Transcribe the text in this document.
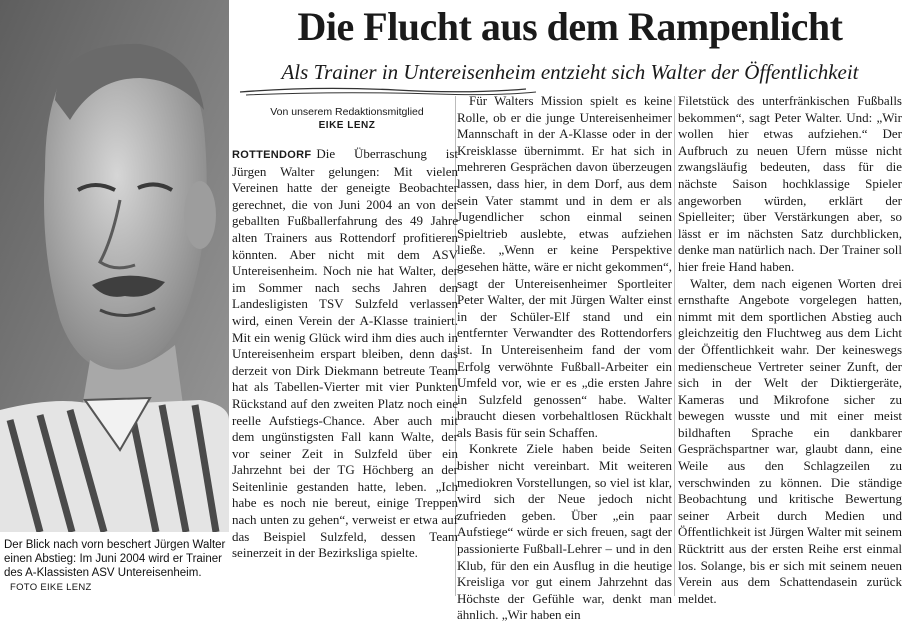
Der Blick nach vorn beschert Jürgen Walter einen Abstieg: Im Juni 2004 wird er Trainer des A-Klassisten ASV Untereisenheim. FOTO EIKE LENZ
Die Flucht aus dem Rampenlicht
Als Trainer in Untereisenheim entzieht sich Walter der Öffentlichkeit
Von unserem Redaktionsmitglied
EIKE LENZ

ROTTENDORF Die Überraschung ist Jürgen Walter gelungen: Mit vielen Vereinen hatte der geneigte Beobachter gerechnet, die von Juni 2004 an von der geballten Fußballerfahrung des 49 Jahre alten Trainers aus Rottendorf profitieren könnten. Aber nicht mit dem ASV Untereisenheim. Noch nie hat Walter, der im Sommer nach sechs Jahren den Landesligisten TSV Sulzfeld verlassen wird, einen Verein der A-Klasse trainiert. Mit ein wenig Glück wird ihm dies auch in Untereisenheim erspart bleiben, denn das derzeit von Dirk Diekmann betreute Team hat als Tabellen-Vierter mit vier Punkten Rückstand auf den zweiten Platz noch eine reelle Aufstiegs-Chance. Aber auch mit dem ungünstigsten Fall kann Walte, der vor seiner Zeit in Sulzfeld über ein Jahrzehnt bei der TG Höchberg an der Seitenlinie gestanden hatte, leben. „Ich habe es noch nie bereut, einige Treppen nach unten zu gehen“, verweist er etwa auf das Beispiel Sulzfeld, dessen Team seinerzeit in der Bezirksliga spielte.

Für Walters Mission spielt es keine Rolle, ob er die junge Untereisenheimer Mannschaft in der A-Klasse oder in der Kreisklasse übernimmt. Er hat sich in mehreren Gesprächen davon überzeugen lassen, dass hier, in dem Dorf, aus dem sein Vater stammt und in dem er als Jugendlicher schon einmal seinen Spieltrieb auslebte, etwas aufziehen ließe. „Wenn er keine Perspektive gesehen hätte, wäre er nicht gekommen“, sagt der Untereisenheimer Sportleiter Peter Walter, der mit Jürgen Walter einst in der Schüler-Elf stand und ein entfernter Verwandter des Rottendorfers ist. In Untereisenheim fand der vom Erfolg verwöhnte Fußball-Arbeiter ein Umfeld vor, wie er es „die ersten Jahre in Sulzfeld genossen“ habe. Walter braucht diesen vorbehaltlosen Rückhalt als Basis für sein Schaffen.

Konkrete Ziele haben beide Seiten bisher nicht vereinbart. Mit weiteren mediokren Vorstellungen, so viel ist klar, wird sich der Neue jedoch nicht zufrieden geben. Über „ein paar Aufstiege“ würde er sich freuen, sagt der passionierte Fußball-Lehrer – und in den Klub, für den ein Ausflug in die heutige Kreisliga vor gut einem Jahrzehnt das Höchste der Gefühle war, denkt man ähnlich. „Wir haben ein

Filetstück des unterfränkischen Fußballs bekommen“, sagt Peter Walter. Und: „Wir wollen hier etwas aufziehen.“ Der Aufbruch zu neuen Ufern müsse nicht zwangsläufig bedeuten, dass für die nächste Saison hochklassige Spieler angeworben würden, erklärt der Spielleiter; über Verstärkungen aber, so lässt er im nächsten Satz durchblicken, denke man natürlich nach. Der Trainer soll hier freie Hand haben.

Walter, dem nach eigenen Worten drei ernsthafte Angebote vorgelegen hatten, nimmt mit dem sportlichen Abstieg auch gleichzeitig den Fluchtweg aus dem Licht der Öffentlichkeit wahr. Der keineswegs medienscheue Vertreter seiner Zunft, der sich in der Welt der Diktiergeräte, Kameras und Mikrofone sicher zu bewegen wusste und mit einer meist bildhaften Sprache ein dankbarer Gesprächspartner war, glaubt dann, eine Weile aus den Schlagzeilen zu verschwinden zu können. Die ständige Beobachtung und kritische Bewertung seiner Arbeit durch Medien und Öffentlichkeit ist Jürgen Walter mit seinem Rücktritt aus der ersten Reihe erst einmal los. Solange, bis er sich mit seinem neuen Verein aus dem Schattendasein zurück meldet.
